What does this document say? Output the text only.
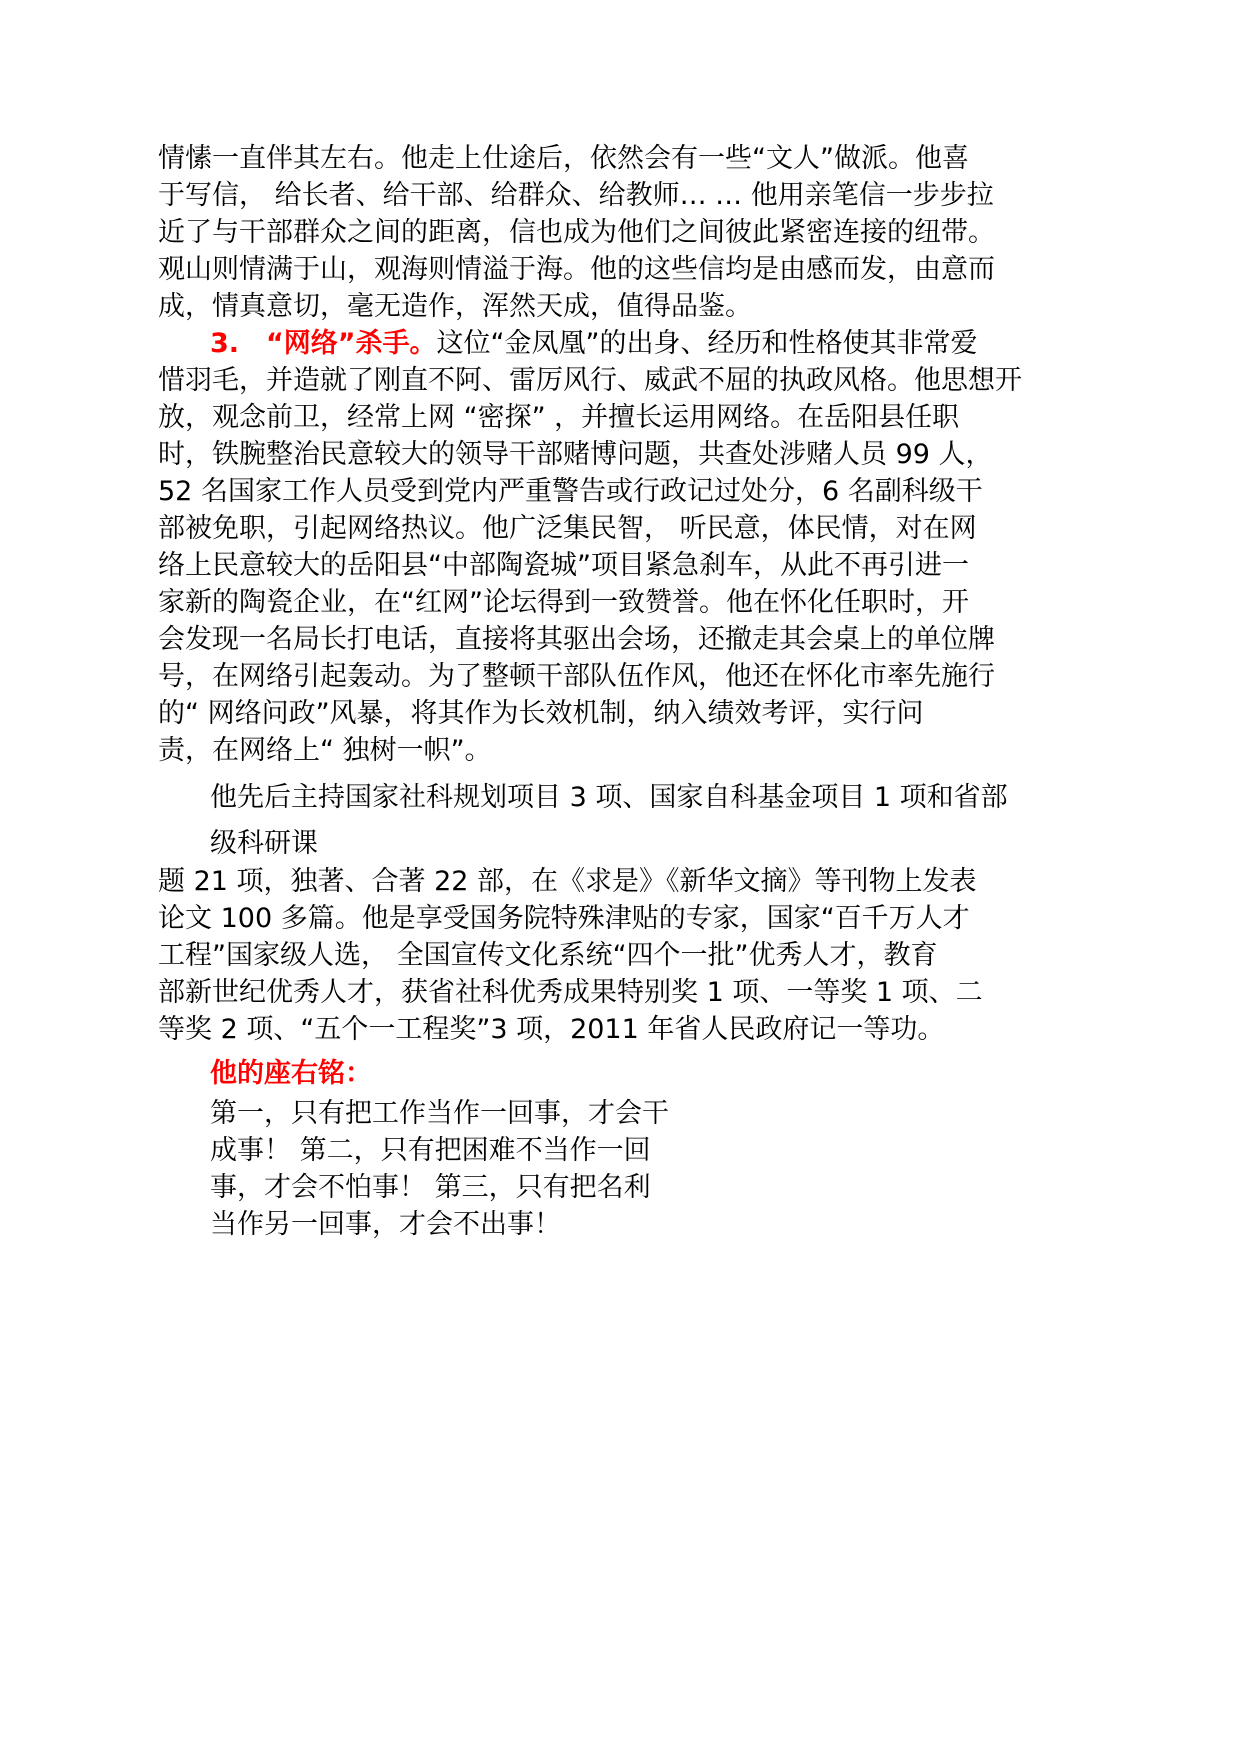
情愫一直伴其左右。他走上仕途后，依然会有一些“文人”做派。他喜

于写信， 给长者、给干部、给群众、给教师… … 他用亲笔信一步步拉

近了与干部群众之间的距离，信也成为他们之间彼此紧密连接的纽带。

观山则情满于山，观海则情溢于海。他的这些信均是由感而发，由意而

成，情真意切，毫无造作，浑然天成，值得品鉴。

3.　“网络”杀手。这位“金凤凰”的出身、经历和性格使其非常爱

惜羽毛，并造就了刚直不阿、雷厉风行、威武不屈的执政风格。他思想开

放，观念前卫，经常上网 “密探” ，并擅长运用网络。在岳阳县任职

时，铁腕整治民意较大的领导干部赌博问题，共查处涉赌人员 99 人，

52 名国家工作人员受到党内严重警告或行政记过处分，6 名副科级干

部被免职，引起网络热议。他广泛集民智， 听民意，体民情，对在网

络上民意较大的岳阳县“中部陶瓷城”项目紧急刹车，从此不再引进一

家新的陶瓷企业，在“红网”论坛得到一致赞誉。他在怀化任职时，开

会发现一名局长打电话，直接将其驱出会场，还撤走其会桌上的单位牌

号，在网络引起轰动。为了整顿干部队伍作风，他还在怀化市率先施行

的“ 网络问政”风暴，将其作为长效机制，纳入绩效考评，实行问

责，在网络上“ 独树一帜”。

他先后主持国家社科规划项目 3 项、国家自科基金项目 1 项和省部

级科研课

题 21 项，独著、合著 22 部，在《求是》《新华文摘》等刊物上发表

论文 100 多篇。他是享受国务院特殊津贴的专家，国家“百千万人才

工程”国家级人选， 全国宣传文化系统“四个一批”优秀人才，教育

部新世纪优秀人才，获省社科优秀成果特别奖 1 项、一等奖 1 项、二

等奖 2 项、“五个一工程奖”3 项，2011 年省人民政府记一等功。

他的座右铭：

第一，只有把工作当作一回事，才会干

成事！ 第二，只有把困难不当作一回

事，才会不怕事！ 第三，只有把名利

当作另一回事，才会不出事！
